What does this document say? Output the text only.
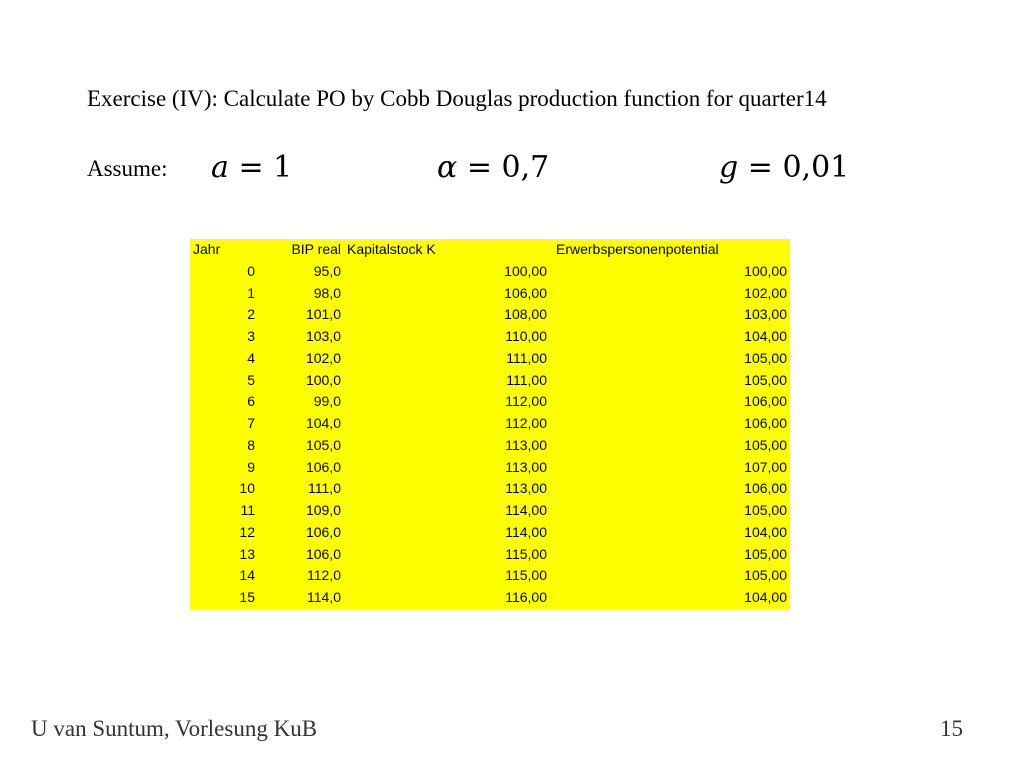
Exercise (IV): Calculate PO by Cobb Douglas production function for quarter14
Assume: a = 1	α = 0,7	g = 0,01
Jahr	BIP real	Kapitalstock K	Erwerbspersonenpotential
0	95,0	100,00	100,00
1	98,0	106,00	102,00
2	101,0	108,00	103,00
3	103,0	110,00	104,00
4	102,0	111,00	105,00
5	100,0	111,00	105,00
6	99,0	112,00	106,00
7	104,0	112,00	106,00
8	105,0	113,00	105,00
9	106,0	113,00	107,00
10	111,0	113,00	106,00
11	109,0	114,00	105,00
12	106,0	114,00	104,00
13	106,0	115,00	105,00
14	112,0	115,00	105,00
15	114,0	116,00	104,00
U van Suntum, Vorlesung KuB	15
